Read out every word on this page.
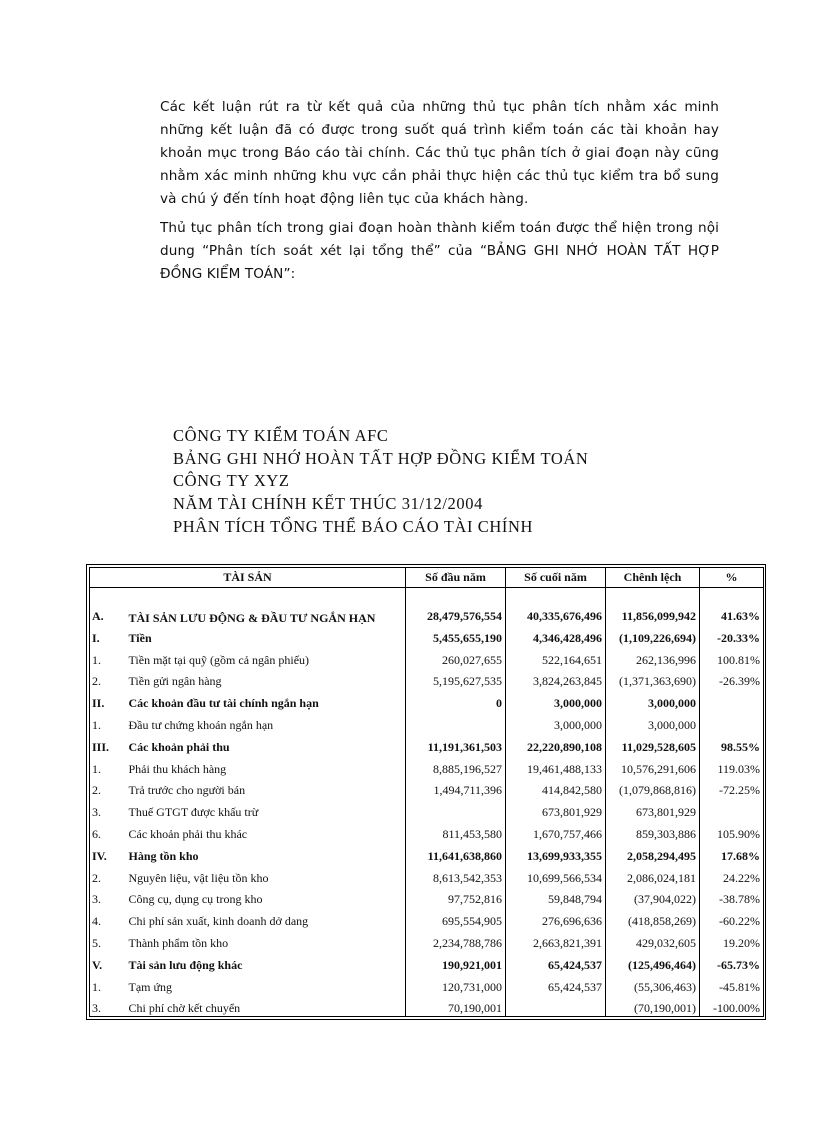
Các kết luận rút ra từ kết quả của những thủ tục phân tích nhằm xác minh những kết luận đã có được trong suốt quá trình kiểm toán các tài khoản hay khoản mục trong Báo cáo tài chính. Các thủ tục phân tích ở giai đoạn này cũng nhằm xác minh những khu vực cần phải thực hiện các thủ tục kiểm tra bổ sung và chú ý đến tính hoạt động liên tục của khách hàng.

Thủ tục phân tích trong giai đoạn hoàn thành kiểm toán được thể hiện trong nội dung “Phân tích soát xét lại tổng thể” của “BẢNG GHI NHỚ HOÀN TẤT HỢP ĐỒNG KIỂM TOÁN”:

CÔNG TY KIỂM TOÁN AFC
BẢNG GHI NHỚ HOÀN TẤT HỢP ĐỒNG KIỂM TOÁN
CÔNG TY XYZ
NĂM TÀI CHÍNH KẾT THÚC 31/12/2004
PHÂN TÍCH TỔNG THỂ BÁO CÁO TÀI CHÍNH
TÀI SẢN		Số đầu năm	Số cuối năm	Chênh lệch	%
A.	TÀI SẢN LƯU ĐỘNG & ĐẦU TƯ NGẮN HẠN	28,479,576,554	40,335,676,496	11,856,099,942	41.63%
I.	Tiền	5,455,655,190	4,346,428,496	(1,109,226,694)	-20.33%
1.	Tiền mặt tại quỹ (gồm cả ngân phiếu)	260,027,655	522,164,651	262,136,996	100.81%
2.	Tiền gửi ngân hàng	5,195,627,535	3,824,263,845	(1,371,363,690)	-26.39%
II.	Các khoản đầu tư tài chính ngắn hạn	0	3,000,000	3,000,000	
1.	Đầu tư chứng khoán ngắn hạn		3,000,000	3,000,000	
III.	Các khoản phải thu	11,191,361,503	22,220,890,108	11,029,528,605	98.55%
1.	Phải thu khách hàng	8,885,196,527	19,461,488,133	10,576,291,606	119.03%
2.	Trả trước cho người bán	1,494,711,396	414,842,580	(1,079,868,816)	-72.25%
3.	Thuế GTGT được khấu trừ		673,801,929	673,801,929	
6.	Các khoản phải thu khác	811,453,580	1,670,757,466	859,303,886	105.90%
IV.	Hàng tồn kho	11,641,638,860	13,699,933,355	2,058,294,495	17.68%
2.	Nguyên liệu, vật liệu tồn kho	8,613,542,353	10,699,566,534	2,086,024,181	24.22%
3.	Công cụ, dụng cụ trong kho	97,752,816	59,848,794	(37,904,022)	-38.78%
4.	Chi phí sản xuất, kinh doanh dở dang	695,554,905	276,696,636	(418,858,269)	-60.22%
5.	Thành phẩm tồn kho	2,234,788,786	2,663,821,391	429,032,605	19.20%
V.	Tài sản lưu động khác	190,921,001	65,424,537	(125,496,464)	-65.73%
1.	Tạm ứng	120,731,000	65,424,537	(55,306,463)	-45.81%
3.	Chi phí chờ kết chuyển	70,190,001		(70,190,001)	-100.00%
